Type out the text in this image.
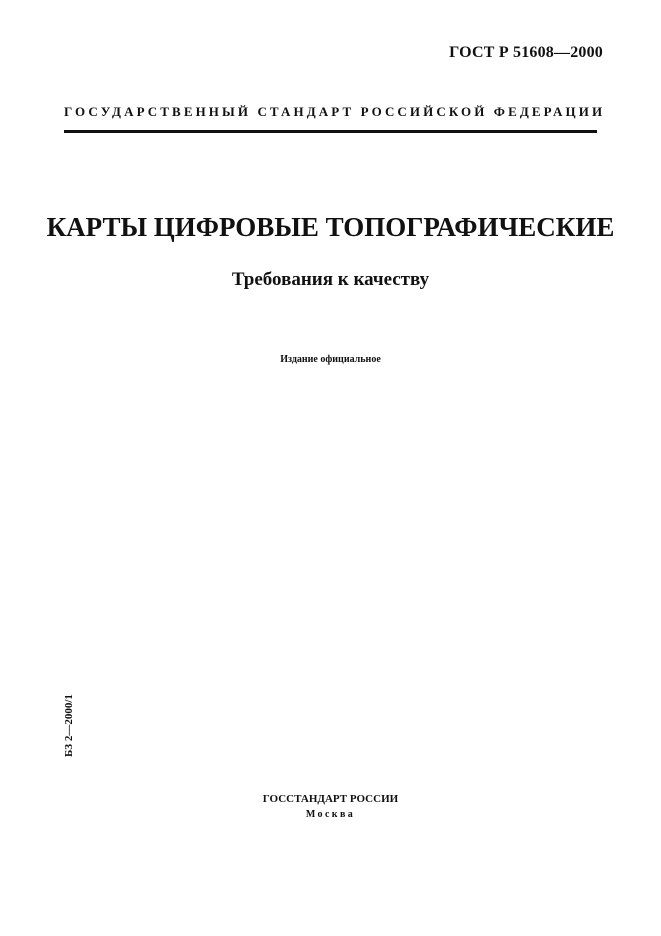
ГОСТ Р 51608—2000
ГОСУДАРСТВЕННЫЙ СТАНДАРТ РОССИЙСКОЙ ФЕДЕРАЦИИ
КАРТЫ ЦИФРОВЫЕ ТОПОГРАФИЧЕСКИЕ
Требования к качеству
Издание официальное
БЗ 2—2000/1
ГОССТАНДАРТ РОССИИ
Москва
